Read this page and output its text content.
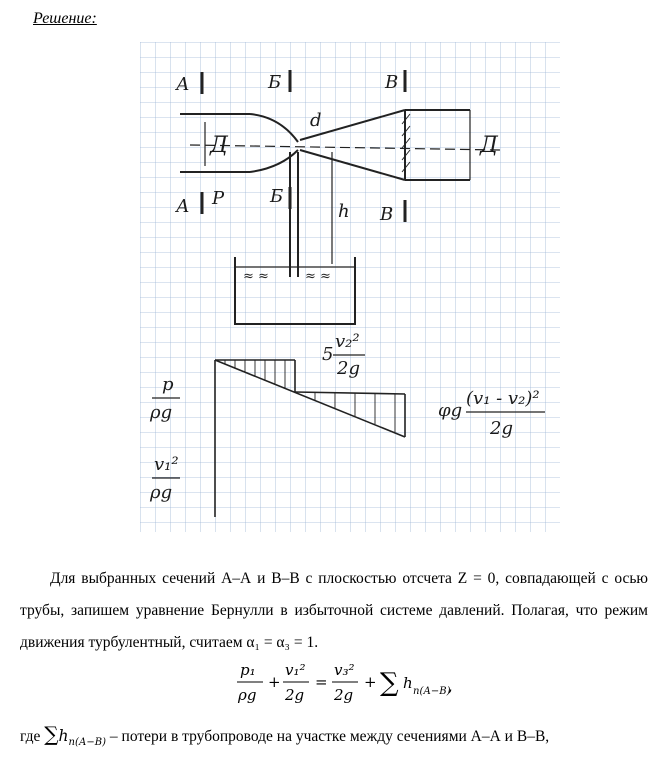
Решение:
А
А
Б
Б
В
В
Д	Д
d
P
h
≈ ≈	≈ ≈
p
ρg
v₁²
ρg
5
v₂²
2g
φg
(v₁ - v₂)²
2g
Для выбранных сечений А–А и В–В с плоскостью отсчета Z = 0, совпадающей с осью трубы, запишем уравнение Бернулли в избыточной системе давлений. Полагая, что режим движения турбулентный, считаем α₁ = α₃ = 1.
p₁
ρg
+
v₁²
2g
=
v₃²
2g
+ ∑ h п(А−В)
,
где $\sum h_{п(А-В)}$ – потери в трубопроводе на участке между сечениями А–А и В–В,
